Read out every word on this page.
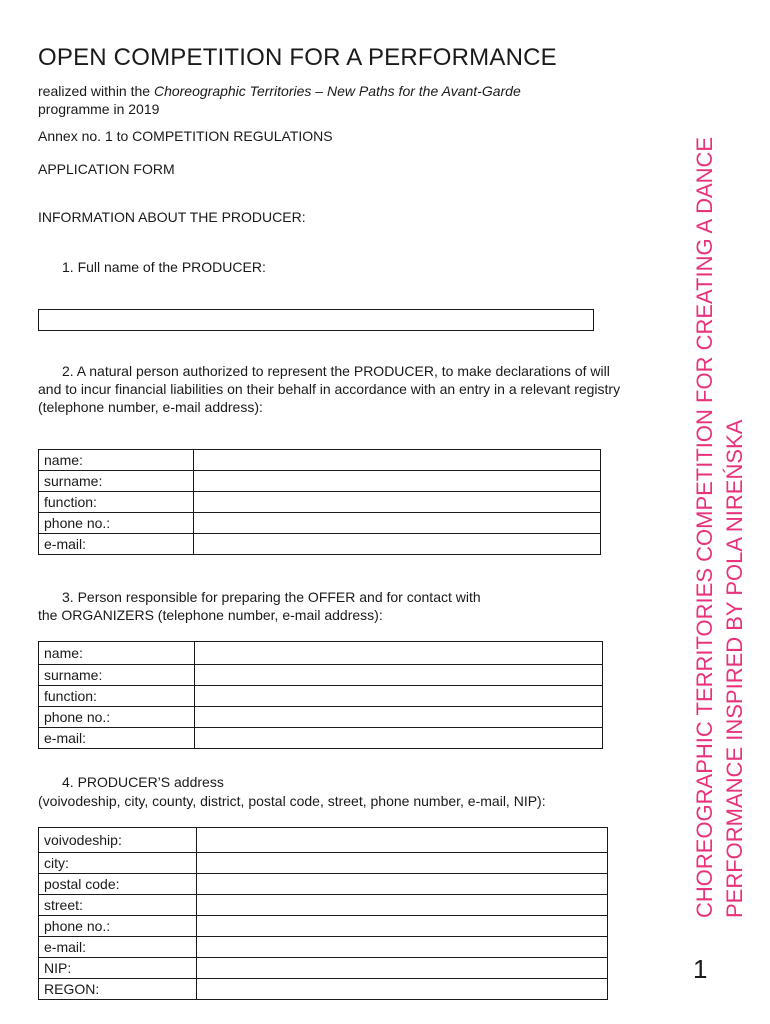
OPEN COMPETITION FOR A PERFORMANCE
realized within the Choreographic Territories – New Paths for the Avant-Garde
programme in 2019
Annex no. 1 to COMPETITION REGULATIONS
APPLICATION FORM
INFORMATION ABOUT THE PRODUCER:
1. Full name of the PRODUCER:
2. A natural person authorized to represent the PRODUCER, to make declarations of will
and to incur financial liabilities on their behalf in accordance with an entry in a relevant registry
(telephone number, e-mail address):
name:	
surname:	
function:	
phone no.:	
e-mail:	
3. Person responsible for preparing the OFFER and for contact with
the ORGANIZERS (telephone number, e-mail address):
name:	
surname:	
function:	
phone no.:	
e-mail:	
4. PRODUCER’S address
(voivodeship, city, county, district, postal code, street, phone number, e-mail, NIP):
voivodeship:	
city:	
postal code:	
street:	
phone no.:	
e-mail:	
NIP:	
REGON:	
CHOREOGRAPHIC TERRITORIES COMPETITION FOR CREATING A DANCE PERFORMANCE INSPIRED BY POLA NIREŃSKA
1
